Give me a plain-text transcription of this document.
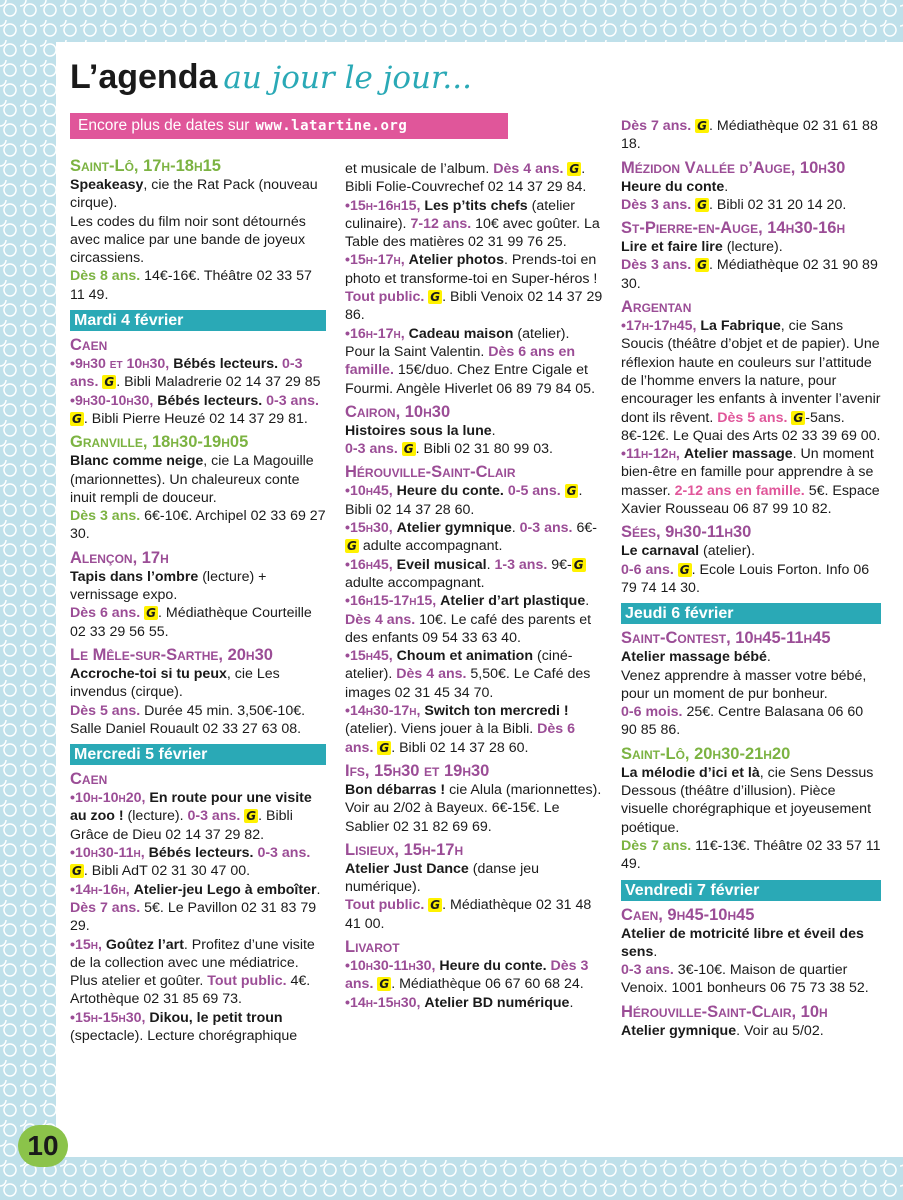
L’agenda au jour le jour...
Encore plus de dates sur www.latartine.org
Saint-Lô, 17h-18h15

Speakeasy, cie the Rat Pack (nouveau cirque).

Les codes du film noir sont détournés avec malice par une bande de joyeux circassiens.

Dès 8 ans. 14€-16€. Théâtre 02 33 57 11 49.

Mardi 4 février
Caen

•9h30 et 10h30, Bébés lecteurs. 0-3 ans. G . Bibli Maladrerie 02 14 37 29 85

•9h30-10h30, Bébés lecteurs. 0-3 ans. G . Bibli Pierre Heuzé 02 14 37 29 81.

Granville, 18h30-19h05

Blanc comme neige, cie La Magouille (marionnettes). Un chaleureux conte inuit rempli de douceur.

Dès 3 ans. 6€-10€. Archipel 02 33 69 27 30.

Alençon, 17h

Tapis dans l’ombre (lecture) + vernissage expo.

Dès 6 ans. G . Médiathèque Courteille 02 33 29 56 55.

Le Mêle-sur-Sarthe, 20h30

Accroche-toi si tu peux, cie Les invendus (cirque).

Dès 5 ans. Durée 45 min. 3,50€-10€. Salle Daniel Rouault 02 33 27 63 08.

Mercredi 5 février
Caen

•10h-10h20, En route pour une visite au zoo ! (lecture). 0-3 ans. G . Bibli Grâce de Dieu 02 14 37 29 82.

•10h30-11h, Bébés lecteurs. 0-3 ans. G . Bibli AdT 02 31 30 47 00.

•14h-16h, Atelier-jeu Lego à emboîter. Dès 7 ans. 5€. Le Pavillon 02 31 83 79 29.

•15h, Goûtez l’art. Profitez d’une visite de la collection avec une médiatrice. Plus atelier et goûter. Tout public. 4€. Artothèque 02 31 85 69 73.

•15h-15h30, Dikou, le petit troun (spectacle). Lecture chorégraphique

et musicale de l’album. Dès 4 ans. G . Bibli Folie-Couvrechef 02 14 37 29 84.

•15h-16h15, Les p’tits chefs (atelier culinaire). 7-12 ans. 10€ avec goûter. La Table des matières 02 31 99 76 25.

•15h-17h, Atelier photos. Prends-toi en photo et transforme-toi en Super-héros ! Tout public. G . Bibli Venoix 02 14 37 29 86.

•16h-17h, Cadeau maison (atelier). Pour la Saint Valentin. Dès 6 ans en famille. 15€/duo. Chez Entre Cigale et Fourmi. Angèle Hiverlet 06 89 79 84 05.

Cairon, 10h30

Histoires sous la lune.

0-3 ans. G . Bibli 02 31 80 99 03.

Hérouville-Saint-Clair

•10h45, Heure du conte. 0-5 ans. G . Bibli 02 14 37 28 60.

•15h30, Atelier gymnique. 0-3 ans. 6€-G adulte accompagnant.

•16h45, Eveil musical. 1-3 ans. 9€- G adulte accompagnant.

•16h15-17h15, Atelier d’art plastique. Dès 4 ans. 10€. Le café des parents et des enfants 09 54 33 63 40.

•15h45, Choum et animation (ciné-atelier). Dès 4 ans. 5,50€. Le Café des images 02 31 45 34 70.

•14h30-17h, Switch ton mercredi ! (atelier). Viens jouer à la Bibli. Dès 6 ans. G . Bibli 02 14 37 28 60.

Ifs, 15h30 et 19h30

Bon débarras ! cie Alula (marionnettes). Voir au 2/02 à Bayeux. 6€-15€. Le Sablier 02 31 82 69 69.

Lisieux, 15h-17h

Atelier Just Dance (danse jeu numérique).

Tout public. G . Médiathèque 02 31 48 41 00.

Livarot

•10h30-11h30, Heure du conte. Dès 3 ans. G . Médiathèque 06 67 60 68 24.

•14h-15h30, Atelier BD numérique.

Dès 7 ans. G . Médiathèque 02 31 61 88 18.

Mézidon Vallée d’Auge, 10h30

Heure du conte.

Dès 3 ans. G . Bibli 02 31 20 14 20.

St-Pierre-en-Auge, 14h30-16h

Lire et faire lire (lecture).

Dès 3 ans. G . Médiathèque 02 31 90 89 30.

Argentan

•17h-17h45, La Fabrique, cie Sans Soucis (théâtre d’objet et de papier). Une réflexion haute en couleurs sur l’attitude de l’homme envers la nature, pour encourager les enfants à inventer l’avenir dont ils rêvent. Dès 5 ans. G -5ans. 8€-12€. Le Quai des Arts 02 33 39 69 00.

•11h-12h, Atelier massage. Un moment bien-être en famille pour apprendre à se masser. 2-12 ans en famille. 5€. Espace Xavier Rousseau 06 87 99 10 82.

Sées, 9h30-11h30

Le carnaval (atelier).

0-6 ans. G . Ecole Louis Forton. Info 06 79 74 14 30.

Jeudi 6 février
Saint-Contest, 10h45-11h45

Atelier massage bébé.

Venez apprendre à masser votre bébé, pour un moment de pur bonheur.

0-6 mois. 25€. Centre Balasana 06 60 90 85 86.

Saint-Lô, 20h30-21h20

La mélodie d’ici et là, cie Sens Dessus Dessous (théâtre d’illusion). Pièce visuelle chorégraphique et joyeusement poétique.

Dès 7 ans. 11€-13€. Théâtre 02 33 57 11 49.

Vendredi 7 février
Caen, 9h45-10h45

Atelier de motricité libre et éveil des sens.

0-3 ans. 3€-10€. Maison de quartier Venoix. 1001 bonheurs 06 75 73 38 52.

Hérouville-Saint-Clair, 10h

Atelier gymnique. Voir au 5/02.

10
